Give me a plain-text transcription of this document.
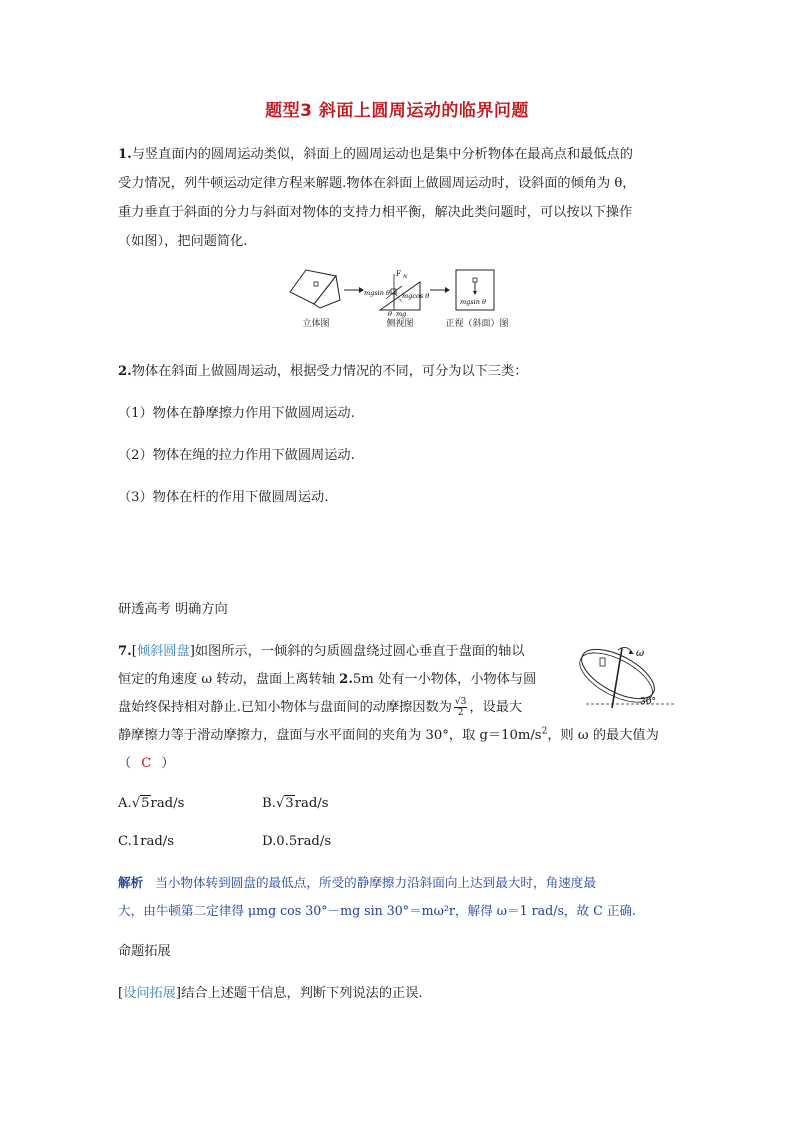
题型3 斜面上圆周运动的临界问题
1.与竖直面内的圆周运动类似，斜面上的圆周运动也是集中分析物体在最高点和最低点的
受力情况，列牛顿运动定律方程来解题.物体在斜面上做圆周运动时，设斜面的倾角为 θ，
重力垂直于斜面的分力与斜面对物体的支持力相平衡，解决此类问题时，可以按以下操作
（如图），把问题简化.
F $_N$
mgsin θ mgcos θ
θ mg
mgsin θ
立体图	侧视图	正视（斜面）图
2.物体在斜面上做圆周运动，根据受力情况的不同，可分为以下三类：
（1）物体在静摩擦力作用下做圆周运动.
（2）物体在绳的拉力作用下做圆周运动.
（3）物体在杆的作用下做圆周运动.
研透高考 明确方向
7.[倾斜圆盘]如图所示，一倾斜的匀质圆盘绕过圆心垂直于盘面的轴以
恒定的角速度 ω 转动，盘面上离转轴 2.5m 处有一小物体，小物体与圆
盘始终保持相对静止.已知小物体与盘面间的动摩擦因数为 $\frac{√3}{2}$ ，设最大
静摩擦力等于滑动摩擦力，盘面与水平面间的夹角为 30°，取 $g=10m/s^2$，则 ω 的最大值为
（ C ）
ω
30°
A.√5rad/s	B.√3rad/s
C.1rad/s	D.0.5rad/s
解析 当小物体转到圆盘的最低点，所受的静摩擦力沿斜面向上达到最大时，角速度最
大，由牛顿第二定律得 μmg cos 30°－mg sin 30°＝mω²r，解得 ω＝1 rad/s，故 C 正确.
命题拓展
[设问拓展]结合上述题干信息，判断下列说法的正误.
